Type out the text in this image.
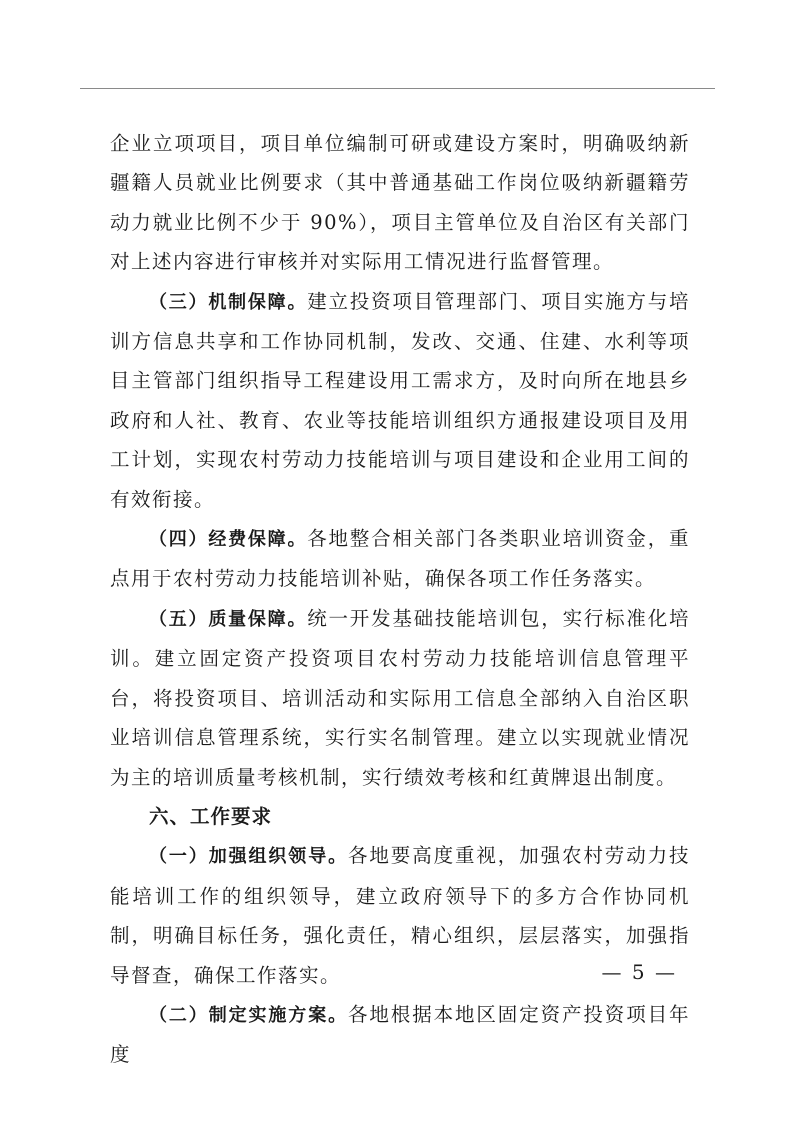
企业立项项目，项目单位编制可研或建设方案时，明确吸纳新疆籍人员就业比例要求（其中普通基础工作岗位吸纳新疆籍劳动力就业比例不少于 90%），项目主管单位及自治区有关部门对上述内容进行审核并对实际用工情况进行监督管理。

（三）机制保障。建立投资项目管理部门、项目实施方与培训方信息共享和工作协同机制，发改、交通、住建、水利等项目主管部门组织指导工程建设用工需求方，及时向所在地县乡政府和人社、教育、农业等技能培训组织方通报建设项目及用工计划，实现农村劳动力技能培训与项目建设和企业用工间的有效衔接。

（四）经费保障。各地整合相关部门各类职业培训资金，重点用于农村劳动力技能培训补贴，确保各项工作任务落实。

（五）质量保障。统一开发基础技能培训包，实行标准化培训。建立固定资产投资项目农村劳动力技能培训信息管理平台，将投资项目、培训活动和实际用工信息全部纳入自治区职业培训信息管理系统，实行实名制管理。建立以实现就业情况为主的培训质量考核机制，实行绩效考核和红黄牌退出制度。

六、工作要求

（一）加强组织领导。各地要高度重视，加强农村劳动力技能培训工作的组织领导，建立政府领导下的多方合作协同机制，明确目标任务，强化责任，精心组织，层层落实，加强指导督查，确保工作落实。

（二）制定实施方案。各地根据本地区固定资产投资项目年度

— 5 —
